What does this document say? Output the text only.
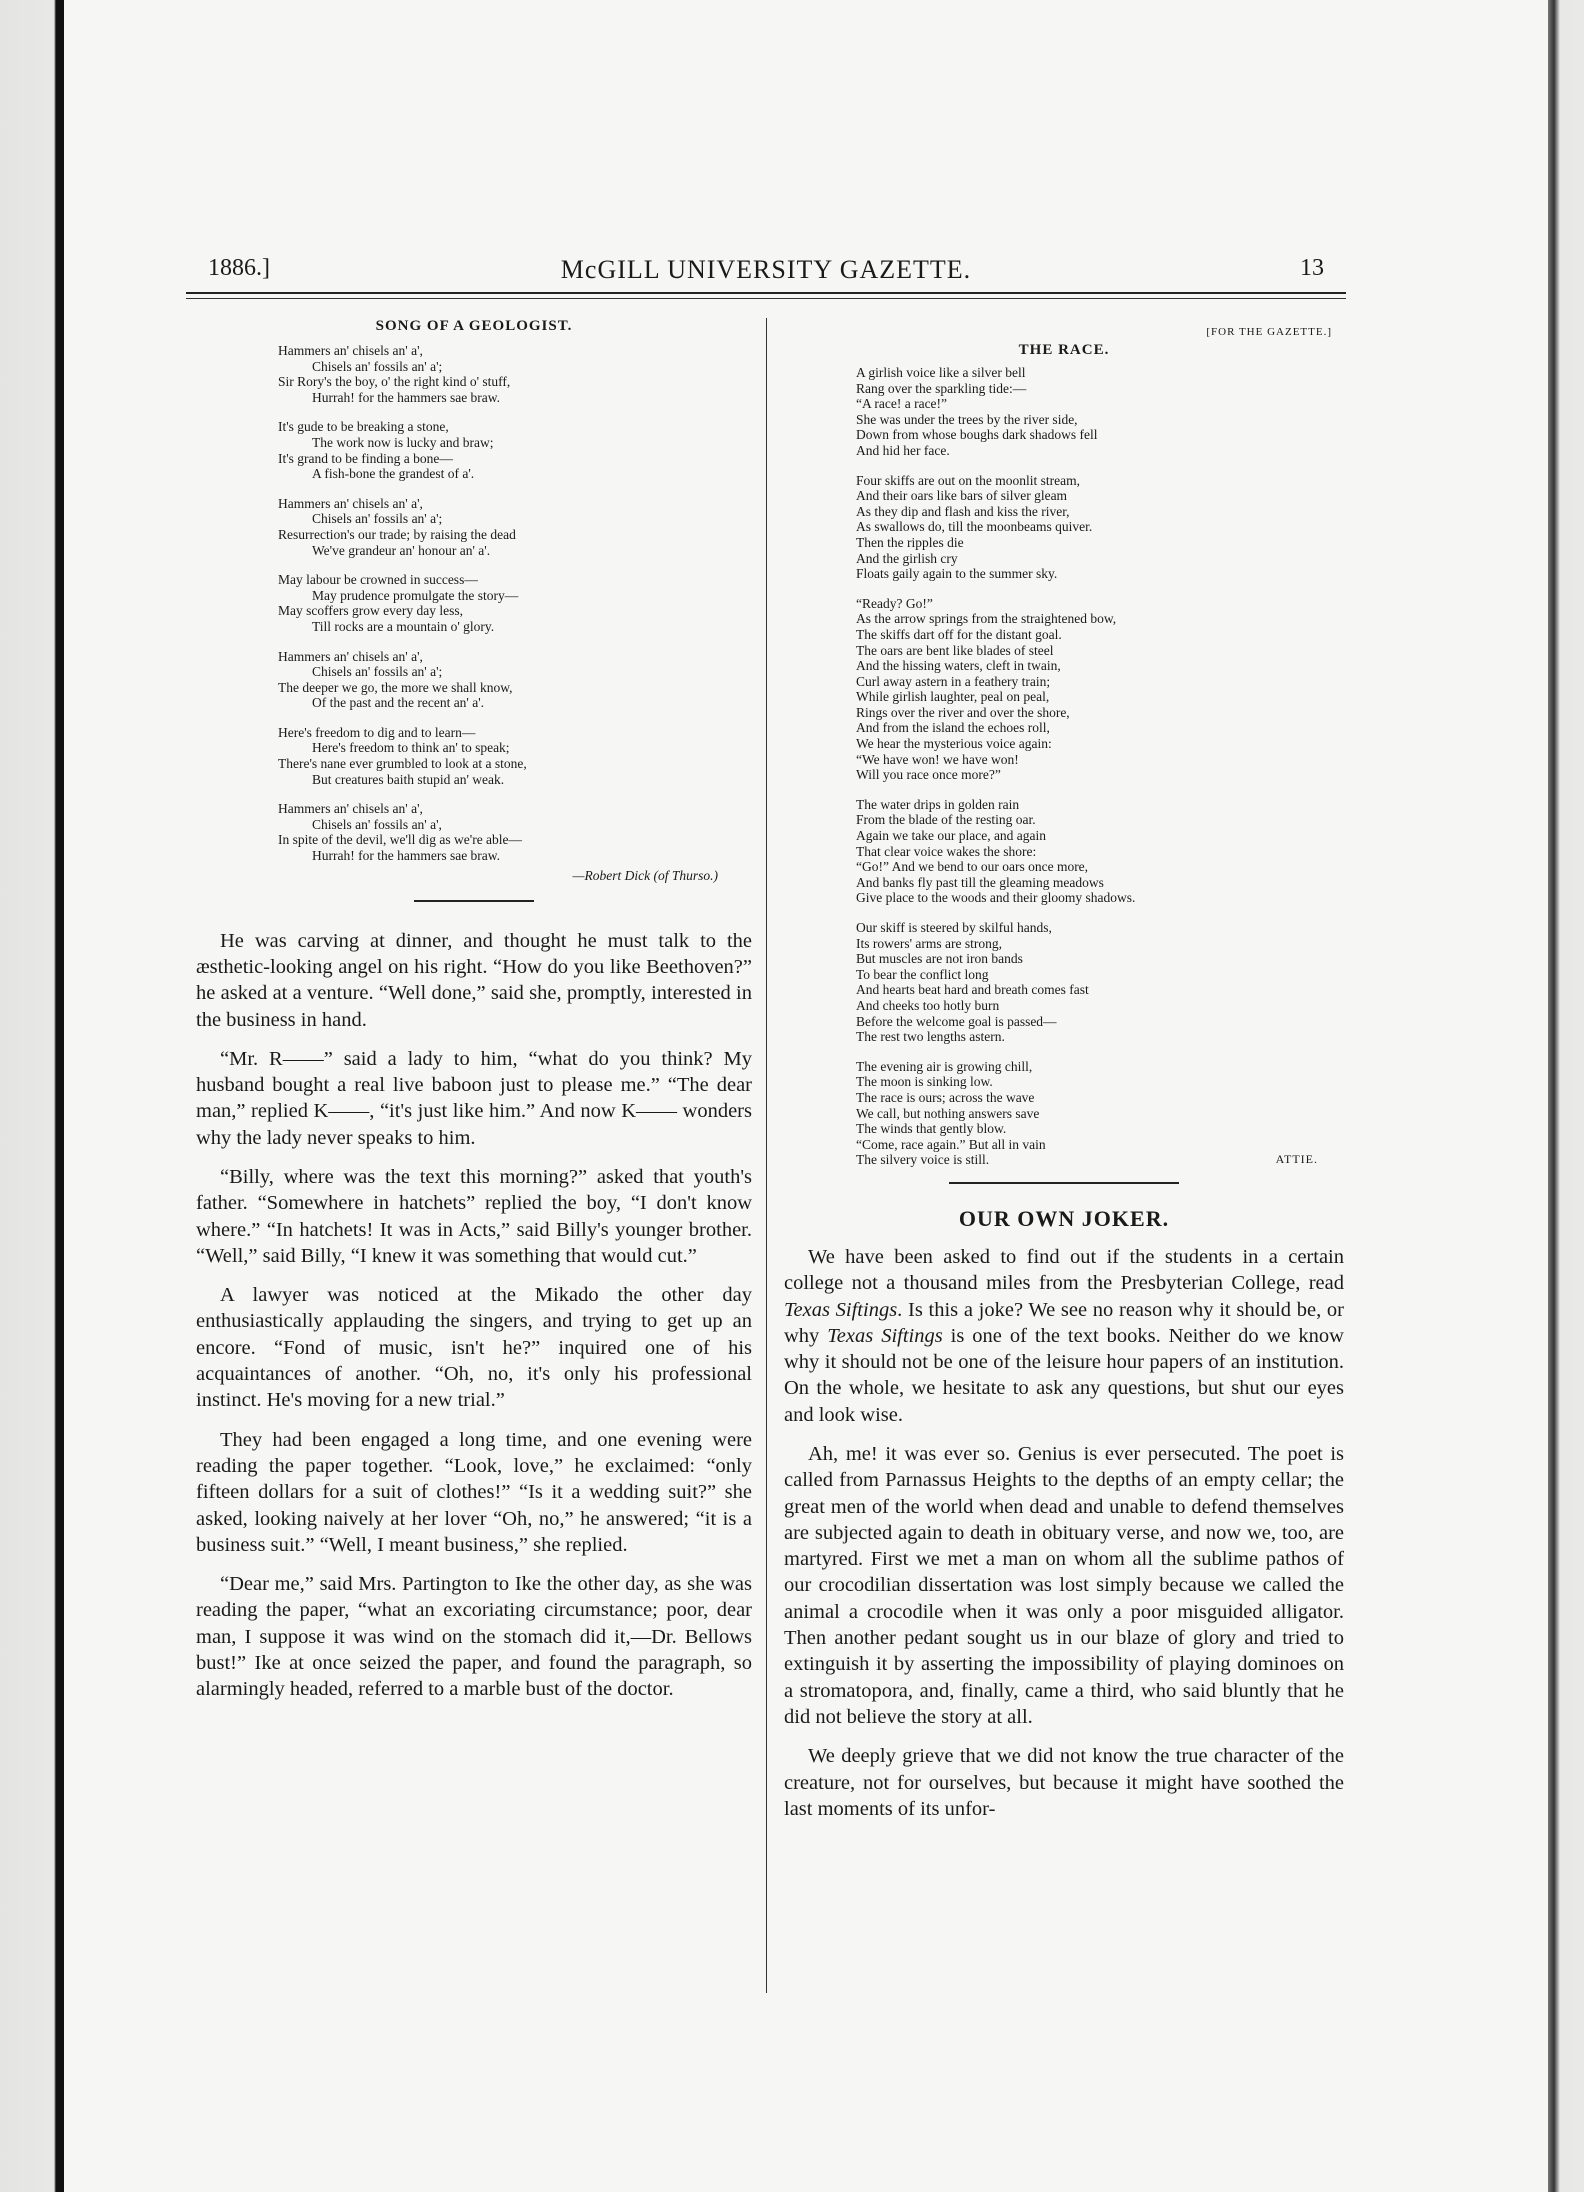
1886.]	McGILL UNIVERSITY GAZETTE.	13
SONG OF A GEOLOGIST.
Hammers an' chisels an' a',
Chisels an' fossils an' a';
Sir Rory's the boy, o' the right kind o' stuff,
Hurrah! for the hammers sae braw.
It's gude to be breaking a stone,
The work now is lucky and braw;
It's grand to be finding a bone—
A fish-bone the grandest of a'.
Hammers an' chisels an' a',
Chisels an' fossils an' a';
Resurrection's our trade; by raising the dead
We've grandeur an' honour an' a'.
May labour be crowned in success—
May prudence promulgate the story—
May scoffers grow every day less,
Till rocks are a mountain o' glory.
Hammers an' chisels an' a',
Chisels an' fossils an' a';
The deeper we go, the more we shall know,
Of the past and the recent an' a'.
Here's freedom to dig and to learn—
Here's freedom to think an' to speak;
There's nane ever grumbled to look at a stone,
But creatures baith stupid an' weak.
Hammers an' chisels an' a',
Chisels an' fossils an' a',
In spite of the devil, we'll dig as we're able—
Hurrah! for the hammers sae braw.
—Robert Dick (of Thurso.)

He was carving at dinner, and thought he must talk to the æsthetic-looking angel on his right. “How do you like Beethoven?” he asked at a venture. “Well done,” said she, promptly, interested in the business in hand.

“Mr. R——” said a lady to him, “what do you think? My husband bought a real live baboon just to please me.” “The dear man,” replied K——, “it's just like him.” And now K—— wonders why the lady never speaks to him.

“Billy, where was the text this morning?” asked that youth's father. “Somewhere in hatchets” replied the boy, “I don't know where.” “In hatchets! It was in Acts,” said Billy's younger brother. “Well,” said Billy, “I knew it was something that would cut.”

A lawyer was noticed at the Mikado the other day enthusiastically applauding the singers, and trying to get up an encore. “Fond of music, isn't he?” inquired one of his acquaintances of another. “Oh, no, it's only his professional instinct. He's moving for a new trial.”

They had been engaged a long time, and one evening were reading the paper together. “Look, love,” he exclaimed: “only fifteen dollars for a suit of clothes!” “Is it a wedding suit?” she asked, looking naively at her lover “Oh, no,” he answered; “it is a business suit.” “Well, I meant business,” she replied.

“Dear me,” said Mrs. Partington to Ike the other day, as she was reading the paper, “what an excoriating circumstance; poor, dear man, I suppose it was wind on the stomach did it,—Dr. Bellows bust!” Ike at once seized the paper, and found the paragraph, so alarmingly headed, referred to a marble bust of the doctor.

[FOR THE GAZETTE.]
THE RACE.
A girlish voice like a silver bell
Rang over the sparkling tide:—
“A race! a race!”
She was under the trees by the river side,
Down from whose boughs dark shadows fell
And hid her face.
Four skiffs are out on the moonlit stream,
And their oars like bars of silver gleam
As they dip and flash and kiss the river,
As swallows do, till the moonbeams quiver.
Then the ripples die
And the girlish cry
Floats gaily again to the summer sky.
“Ready? Go!”
As the arrow springs from the straightened bow,
The skiffs dart off for the distant goal.
The oars are bent like blades of steel
And the hissing waters, cleft in twain,
Curl away astern in a feathery train;
While girlish laughter, peal on peal,
Rings over the river and over the shore,
And from the island the echoes roll,
We hear the mysterious voice again:
“We have won! we have won!
Will you race once more?”
The water drips in golden rain
From the blade of the resting oar.
Again we take our place, and again
That clear voice wakes the shore:
“Go!” And we bend to our oars once more,
And banks fly past till the gleaming meadows
Give place to the woods and their gloomy shadows.
Our skiff is steered by skilful hands,
Its rowers' arms are strong,
But muscles are not iron bands
To bear the conflict long
And hearts beat hard and breath comes fast
And cheeks too hotly burn
Before the welcome goal is passed—
The rest two lengths astern.
The evening air is growing chill,
The moon is sinking low.
The race is ours; across the wave
We call, but nothing answers save
The winds that gently blow.
“Come, race again.” But all in vain
The silvery voice is still.	ATTIE.
OUR OWN JOKER.

We have been asked to find out if the students in a certain college not a thousand miles from the Presbyterian College, read Texas Siftings. Is this a joke? We see no reason why it should be, or why Texas Siftings is one of the text books. Neither do we know why it should not be one of the leisure hour papers of an institution. On the whole, we hesitate to ask any questions, but shut our eyes and look wise.

Ah, me! it was ever so. Genius is ever persecuted. The poet is called from Parnassus Heights to the depths of an empty cellar; the great men of the world when dead and unable to defend themselves are subjected again to death in obituary verse, and now we, too, are martyred. First we met a man on whom all the sublime pathos of our crocodilian dissertation was lost simply because we called the animal a crocodile when it was only a poor misguided alligator. Then another pedant sought us in our blaze of glory and tried to extinguish it by asserting the impossibility of playing dominoes on a stromatopora, and, finally, came a third, who said bluntly that he did not believe the story at all.

We deeply grieve that we did not know the true character of the creature, not for ourselves, but because it might have soothed the last moments of its unfor-
